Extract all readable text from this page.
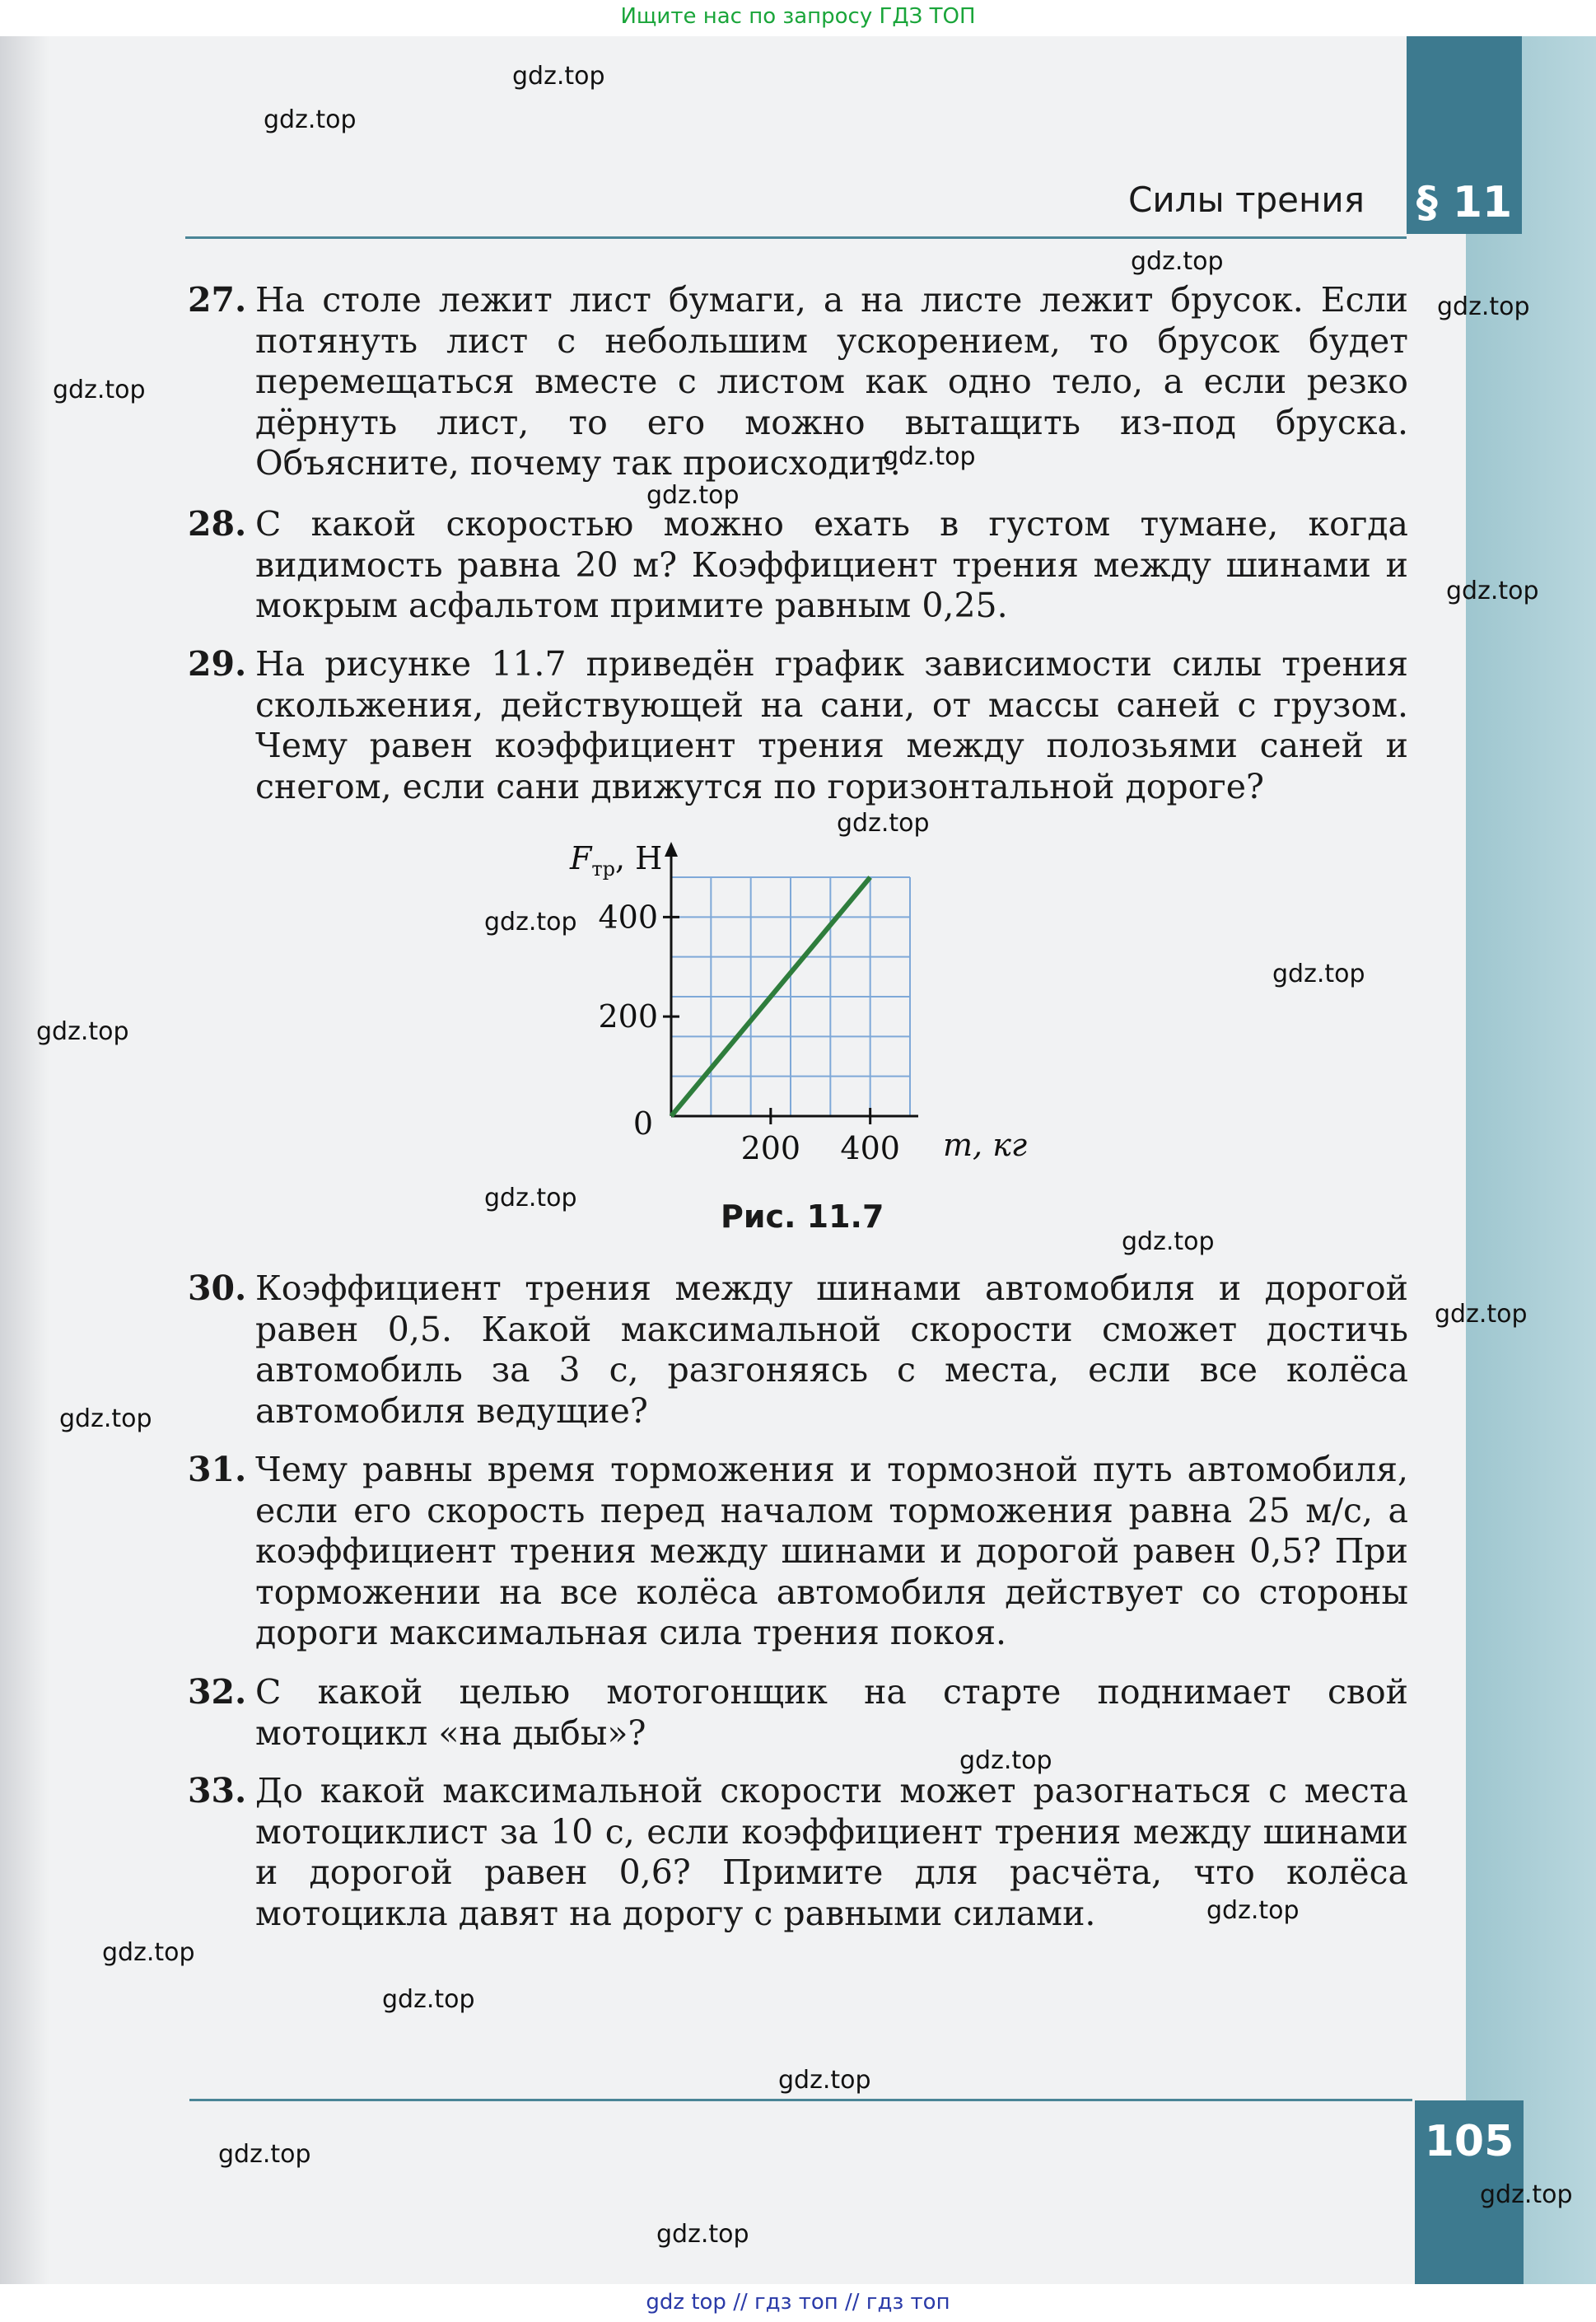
Ищите нас по запросу ГДЗ ТОП
§ 11
Силы трения
27. На столе лежит лист бумаги, а на листе лежит брусок. Если потянуть лист с небольшим ускорением, то брусок будет перемещаться вместе с листом как одно тело, а если резко дёрнуть лист, то его можно вытащить из-под бруска. Объясните, почему так происходит.
28. С какой скоростью можно ехать в густом тумане, когда видимость равна 20 м? Коэффициент трения между шинами и мокрым асфальтом примите равным 0,25.
29. На рисунке 11.7 приведён график зависимости силы трения скольжения, действующей на сани, от массы саней с грузом. Чему равен коэффициент трения между полозьями саней и снегом, если сани движутся по горизонтальной дороге?
200
400
200 400
0
$F_{тр}$, Н
m, кг
Рис. 11.7
30. Коэффициент трения между шинами автомобиля и дорогой равен 0,5. Какой максимальной скорости сможет достичь автомобиль за 3 с, разгоняясь с места, если все колёса автомобиля ведущие?
31. Чему равны время торможения и тормозной путь автомобиля, если его скорость перед началом торможения равна 25 м/с, а коэффициент трения между шинами и дорогой равен 0,5? При торможении на все колёса автомобиля действует со стороны дороги максимальная сила трения покоя.
32. С какой целью мотогонщик на старте поднимает свой мотоцикл «на дыбы»?
33. До какой максимальной скорости может разогнаться с места мотоциклист за 10 с, если коэффициент трения между шинами и дорогой равен 0,6? Примите для расчёта, что колёса мотоцикла давят на дорогу с равными силами.
105
gdz top // гдз топ // гдз топ
gdz.top
gdz.top
gdz.top
gdz.top
gdz.top
gdz.top
gdz.top
gdz.top
gdz.top
gdz.top
gdz.top
gdz.top
gdz.top
gdz.top
gdz.top
gdz.top
gdz.top
gdz.top
gdz.top
gdz.top
gdz.top
gdz.top
gdz.top
gdz.top
